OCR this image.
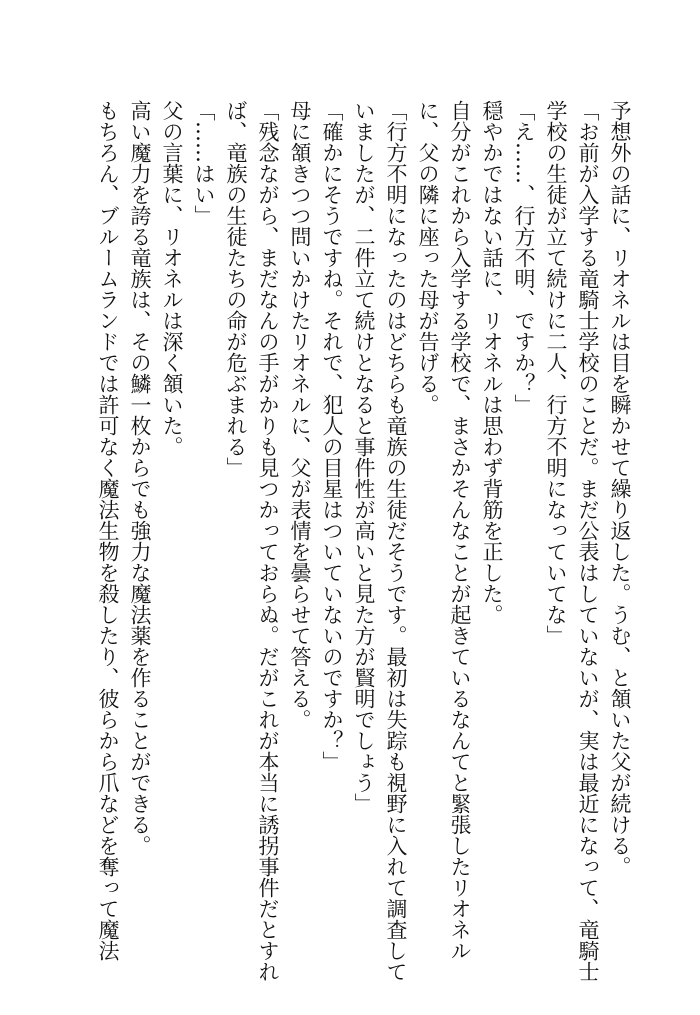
予想外の話に、リオネルは目を瞬かせて繰り返した。うむ、と頷いた父が続ける。

「お前が入学する竜騎士学校のことだ。まだ公表はしていないが、実は最近になって、竜騎士

学校の生徒が立て続けに二人、行方不明になっていてな」

「え……、行方不明、ですか？」

穏やかではない話に、リオネルは思わず背筋を正した。

自分がこれから入学する学校で、まさかそんなことが起きているなんてと緊張したリオネル

に、父の隣に座った母が告げる。

「行方不明になったのはどちらも竜族の生徒だそうです。最初は失踪も視野に入れて調査して

いましたが、二件立て続けとなると事件性が高いと見た方が賢明でしょう」

「確かにそうですね。それで、犯人の目星はついていないのですか？」

母に頷きつつ問いかけたリオネルに、父が表情を曇らせて答える。

「残念ながら、まだなんの手がかりも見つかっておらぬ。だがこれが本当に誘拐事件だとすれ

ば、竜族の生徒たちの命が危ぶまれる」

「……はい」

父の言葉に、リオネルは深く頷いた。

高い魔力を誇る竜族は、その鱗一枚からでも強力な魔法薬を作ることができる。

もちろん、ブルームランドでは許可なく魔法生物を殺したり、彼らから爪などを奪って魔法
